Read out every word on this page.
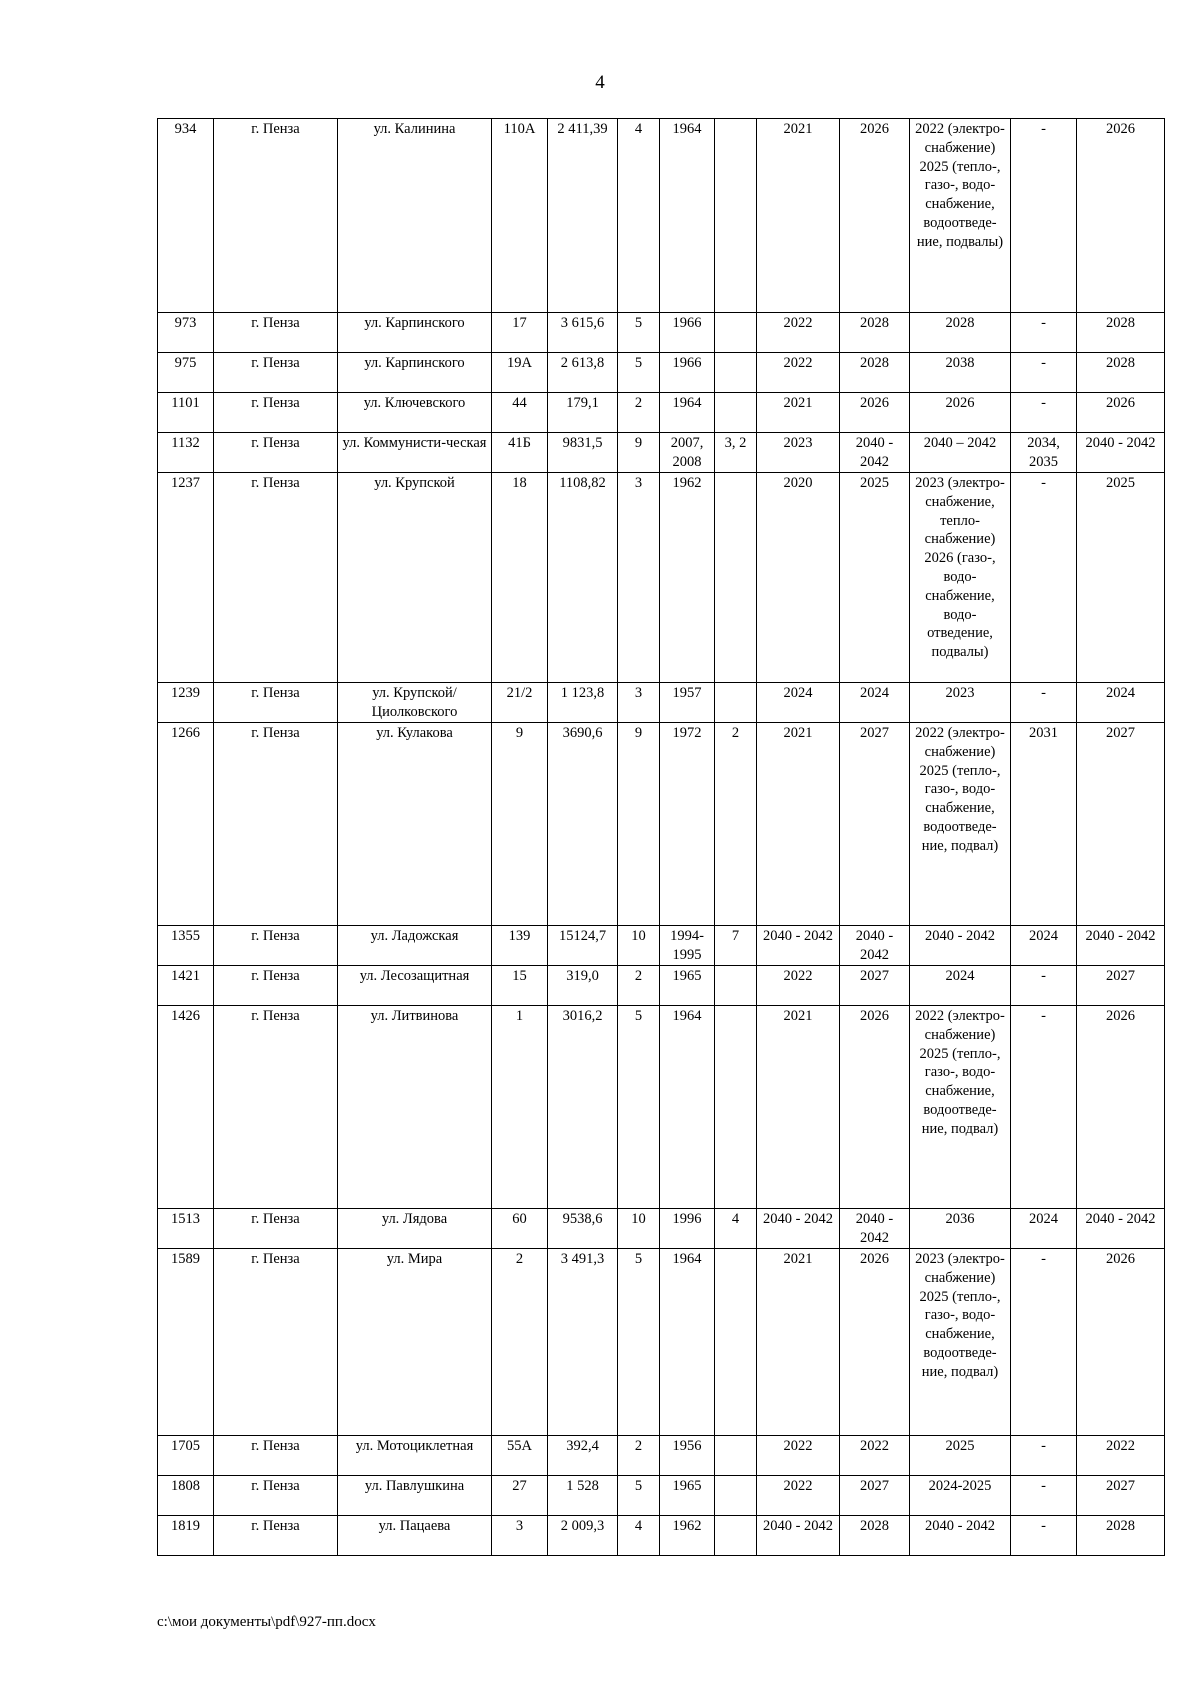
4
934	г. Пенза	ул. Калинина	110А	2 411,39	4	1964		2021	2026	2022 (электро-снабжение) 2025 (тепло-, газо-, водо-снабжение, водоотведе-ние, подвалы)	-	2026
973	г. Пенза	ул. Карпинского	17	3 615,6	5	1966		2022	2028	2028	-	2028
975	г. Пенза	ул. Карпинского	19А	2 613,8	5	1966		2022	2028	2038	-	2028
1101	г. Пенза	ул. Ключевского	44	179,1	2	1964		2021	2026	2026	-	2026
1132	г. Пенза	ул. Коммунисти-ческая	41Б	9831,5	9	2007, 2008	3, 2	2023	2040 - 2042	2040 – 2042	2034, 2035	2040 - 2042
1237	г. Пенза	ул. Крупской	18	1108,82	3	1962		2020	2025	2023 (электро-снабжение, тепло-снабжение) 2026 (газо-, водо-снабжение, водо-отведение, подвалы)	-	2025
1239	г. Пенза	ул. Крупской/ Циолковского	21/2	1 123,8	3	1957		2024	2024	2023	-	2024
1266	г. Пенза	ул. Кулакова	9	3690,6	9	1972	2	2021	2027	2022 (электро-снабжение) 2025 (тепло-, газо-, водо-снабжение, водоотведе-ние, подвал)	2031	2027
1355	г. Пенза	ул. Ладожская	139	15124,7	10	1994-1995	7	2040 - 2042	2040 - 2042	2040 - 2042	2024	2040 - 2042
1421	г. Пенза	ул. Лесозащитная	15	319,0	2	1965		2022	2027	2024	-	2027
1426	г. Пенза	ул. Литвинова	1	3016,2	5	1964		2021	2026	2022 (электро-снабжение) 2025 (тепло-, газо-, водо-снабжение, водоотведе-ние, подвал)	-	2026
1513	г. Пенза	ул. Лядова	60	9538,6	10	1996	4	2040 - 2042	2040 - 2042	2036	2024	2040 - 2042
1589	г. Пенза	ул. Мира	2	3 491,3	5	1964		2021	2026	2023 (электро-снабжение) 2025 (тепло-, газо-, водо-снабжение, водоотведе-ние, подвал)	-	2026
1705	г. Пенза	ул. Мотоциклетная	55А	392,4	2	1956		2022	2022	2025	-	2022
1808	г. Пенза	ул. Павлушкина	27	1 528	5	1965		2022	2027	2024-2025	-	2027
1819	г. Пенза	ул. Пацаева	3	2 009,3	4	1962		2040 - 2042	2028	2040 - 2042	-	2028
c:\мои документы\pdf\927-пп.docx
